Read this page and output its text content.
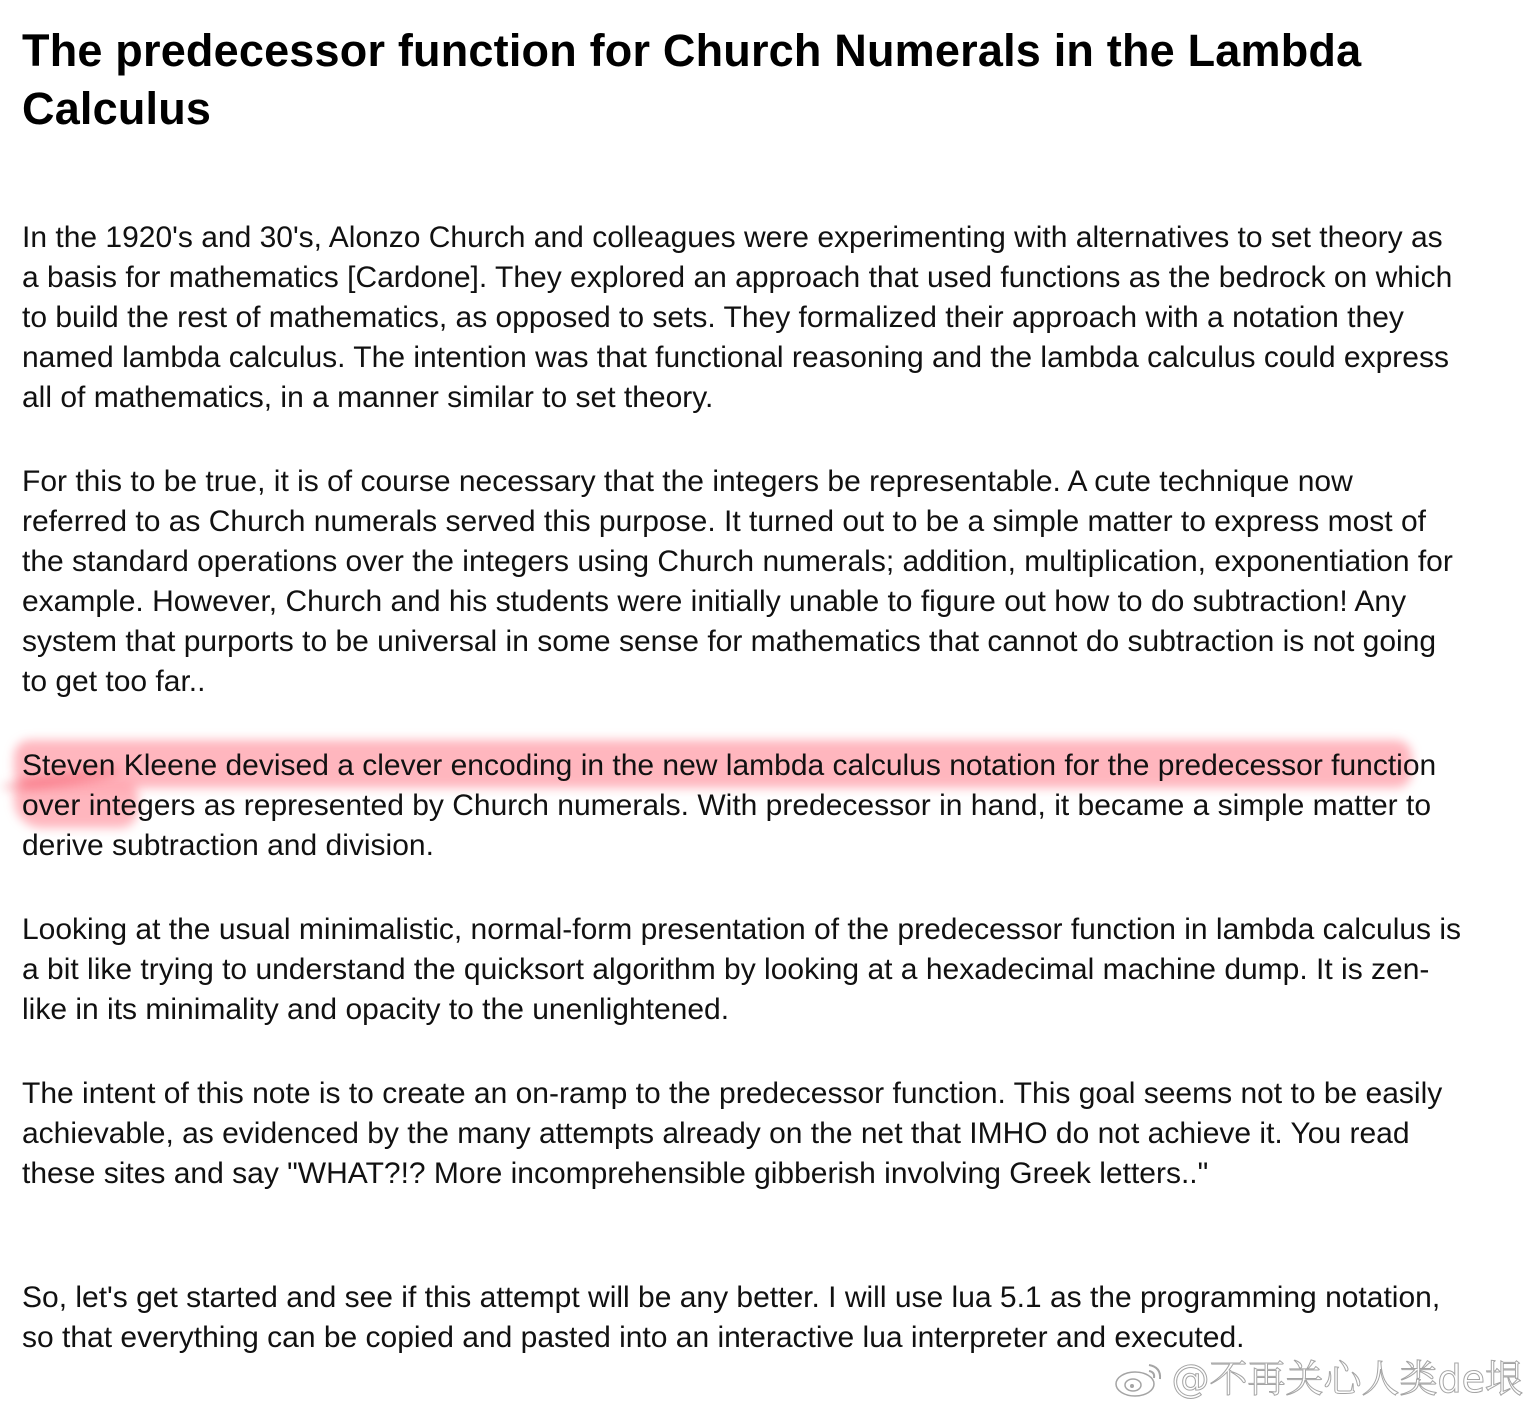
The predecessor function for Church Numerals in the Lambda Calculus

In the 1920's and 30's, Alonzo Church and colleagues were experimenting with alternatives to set theory as a basis for mathematics [Cardone]. They explored an approach that used functions as the bedrock on which to build the rest of mathematics, as opposed to sets. They formalized their approach with a notation they named lambda calculus. The intention was that functional reasoning and the lambda calculus could express all of mathematics, in a manner similar to set theory.

For this to be true, it is of course necessary that the integers be representable. A cute technique now referred to as Church numerals served this purpose. It turned out to be a simple matter to express most of the standard operations over the integers using Church numerals; addition, multiplication, exponentiation for example. However, Church and his students were initially unable to figure out how to do subtraction! Any system that purports to be universal in some sense for mathematics that cannot do subtraction is not going to get too far..

Steven Kleene devised a clever encoding in the new lambda calculus notation for the predecessor function over integers as represented by Church numerals. With predecessor in hand, it became a simple matter to derive subtraction and division.

Looking at the usual minimalistic, normal-form presentation of the predecessor function in lambda calculus is a bit like trying to understand the quicksort algorithm by looking at a hexadecimal machine dump. It is zen-like in its minimality and opacity to the unenlightened.

The intent of this note is to create an on-ramp to the predecessor function. This goal seems not to be easily achievable, as evidenced by the many attempts already on the net that IMHO do not achieve it. You read these sites and say "WHAT?!? More incomprehensible gibberish involving Greek letters.."

So, let's get started and see if this attempt will be any better. I will use lua 5.1 as the programming notation, so that everything can be copied and pasted into an interactive lua interpreter and executed.

@不再关心人类de垠
